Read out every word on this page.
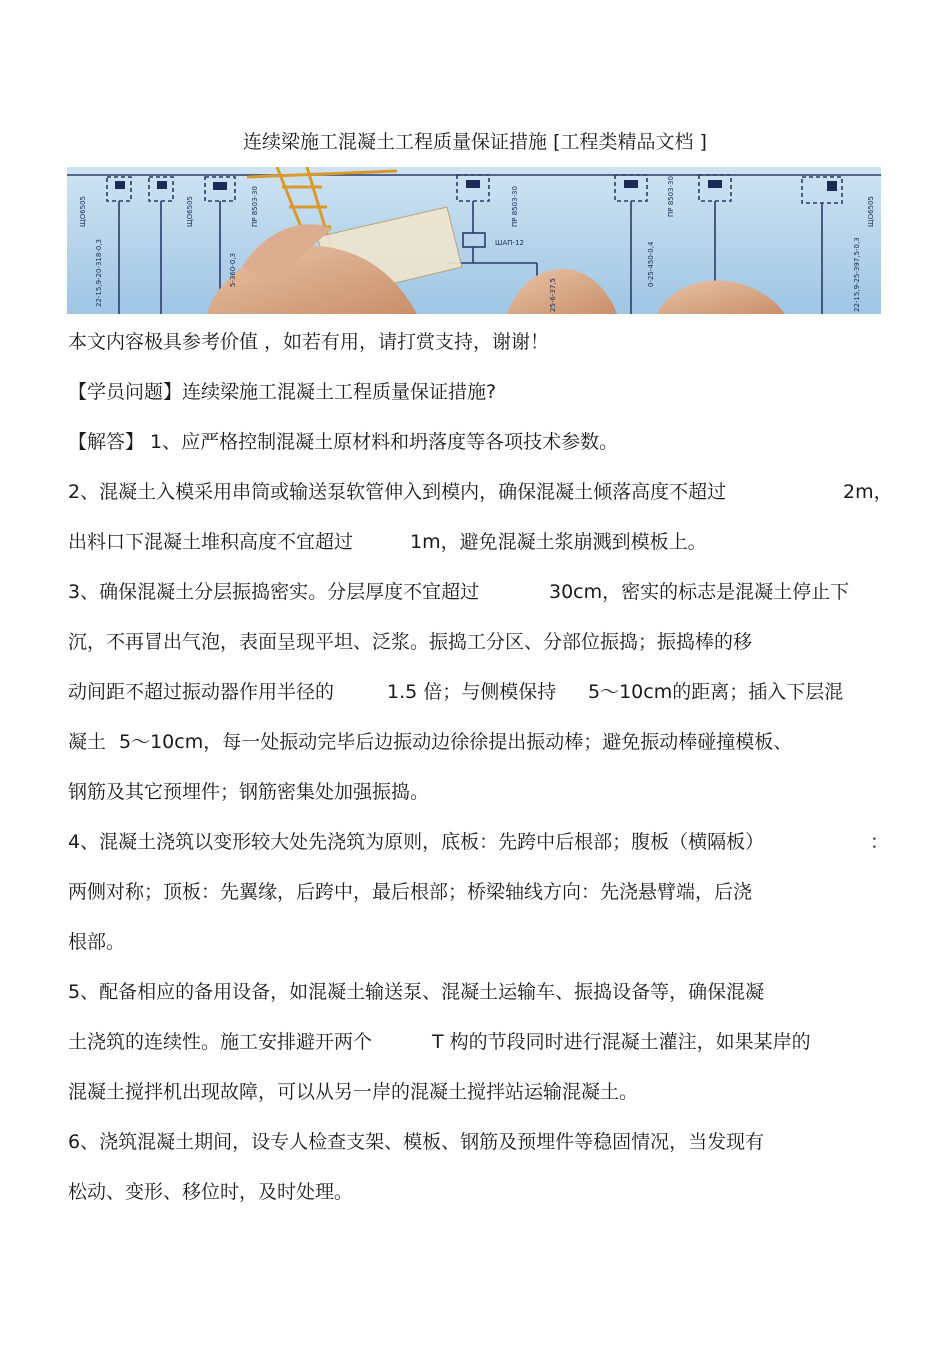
连续梁施工混凝土工程质量保证措施 [工程类精品文档 ]
ЩО6505	ЩО6505	ПР 8503-30
ШАП-12
ПР 8503-30	ПР 8503-30	ЩО6505
22-15,9-20-318-0,3	5-360-0,3
25-6-37,5
0-25-450-0,4	22-15,9-25-397,5-0,3
本文内容极具参考价值 ，如若有用，请打赏支持，谢谢！
【学员问题】连续梁施工混凝土工程质量保证措施?
【解答】 1、应严格控制混凝土原材料和坍落度等各项技术参数。
2、混凝土入模采用串筒或输送泵软管伸入到模内，确保混凝土倾落高度不超过	2m，
出料口下混凝土堆积高度不宜超过	1m，避免混凝土浆崩溅到模板上。
3、确保混凝土分层振捣密实。分层厚度不宜超过	30cm，密实的标志是混凝土停止下
沉，不再冒出气泡，表面呈现平坦、泛浆。振捣工分区、分部位振捣；振捣棒的移
动间距不超过振动器作用半径的	1.5 倍；与侧模保持 5～10cm的距离；插入下层混
凝土 5～10cm，每一处振动完毕后边振动边徐徐提出振动棒；避免振动棒碰撞模板、
钢筋及其它预埋件；钢筋密集处加强振捣。
4、混凝土浇筑以变形较大处先浇筑为原则，底板：先跨中后根部；腹板（横隔板）	：
两侧对称；顶板：先翼缘，后跨中，最后根部；桥梁轴线方向：先浇悬臂端，后浇
根部。
5、配备相应的备用设备，如混凝土输送泵、混凝土运输车、振捣设备等，确保混凝
土浇筑的连续性。施工安排避开两个	T 构的节段同时进行混凝土灌注，如果某岸的
混凝土搅拌机出现故障，可以从另一岸的混凝土搅拌站运输混凝土。
6、浇筑混凝土期间，设专人检查支架、模板、钢筋及预埋件等稳固情况，当发现有
松动、变形、移位时，及时处理。
